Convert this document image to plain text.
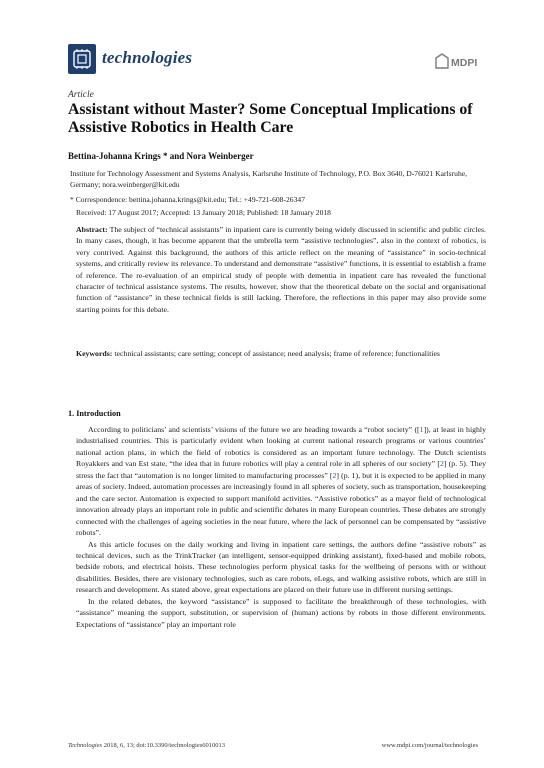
technologies	MDPI
Article
Assistant without Master? Some Conceptual Implications of Assistive Robotics in Health Care
Bettina-Johanna Krings * and Nora Weinberger
Institute for Technology Assessment and Systems Analysis, Karlsruhe Institute of Technology, P.O. Box 3640, D-76021 Karlsruhe, Germany; nora.weinberger@kit.edu
* Correspondence: bettina.johanna.krings@kit.edu; Tel.: +49-721-608-26347
Received: 17 August 2017; Accepted: 13 January 2018; Published: 18 January 2018
Abstract: The subject of “technical assistants” in inpatient care is currently being widely discussed in scientific and public circles. In many cases, though, it has become apparent that the umbrella term “assistive technologies”, also in the context of robotics, is very contrived. Against this background, the authors of this article reflect on the meaning of “assistance” in socio-technical systems, and critically review its relevance. To understand and demonstrate “assistive” functions, it is essential to establish a frame of reference. The re-evaluation of an empirical study of people with dementia in inpatient care has revealed the functional character of technical assistance systems. The results, however, show that the theoretical debate on the social and organisational function of “assistance” in these technical fields is still lacking. Therefore, the reflections in this paper may also provide some starting points for this debate.
Keywords: technical assistants; care setting; concept of assistance; need analysis; frame of reference; functionalities
1. Introduction

According to politicians’ and scientists’ visions of the future we are heading towards a “robot society” ([1]), at least in highly industrialised countries. This is particularly evident when looking at current national research programs or various countries’ national action plans, in which the field of robotics is considered as an important future technology. The Dutch scientists Royakkers and van Est state, “the idea that in future robotics will play a central role in all spheres of our society” [2] (p. 5). They stress the fact that “automation is no longer limited to manufacturing processes” [2] (p. 1), but it is expected to be applied in many areas of society. Indeed, automation processes are increasingly found in all spheres of society, such as transportation, housekeeping and the care sector. Automation is expected to support manifold activities. “Assistive robotics” as a mayor field of technological innovation already plays an important role in public and scientific debates in many European countries. These debates are strongly connected with the challenges of ageing societies in the near future, where the lack of personnel can be compensated by “assistive robots”.

As this article focuses on the daily working and living in inpatient care settings, the authors define “assistive robots” as technical devices, such as the TrinkTracker (an intelligent, sensor-equipped drinking assistant), fixed-based and mobile robots, bedside robots, and electrical hoists. These technologies perform physical tasks for the wellbeing of persons with or without disabilities. Besides, there are visionary technologies, such as care robots, eLegs, and walking assistive robots, which are still in research and development. As stated above, great expectations are placed on their future use in different nursing settings.

In the related debates, the keyword “assistance” is supposed to facilitate the breakthrough of these technologies, with “assistance” meaning the support, substitution, or supervision of (human) actions by robots in those different environments. Expectations of “assistance” play an important role

Technologies 2018, 6, 13; doi:10.3390/technologies6010013	www.mdpi.com/journal/technologies
